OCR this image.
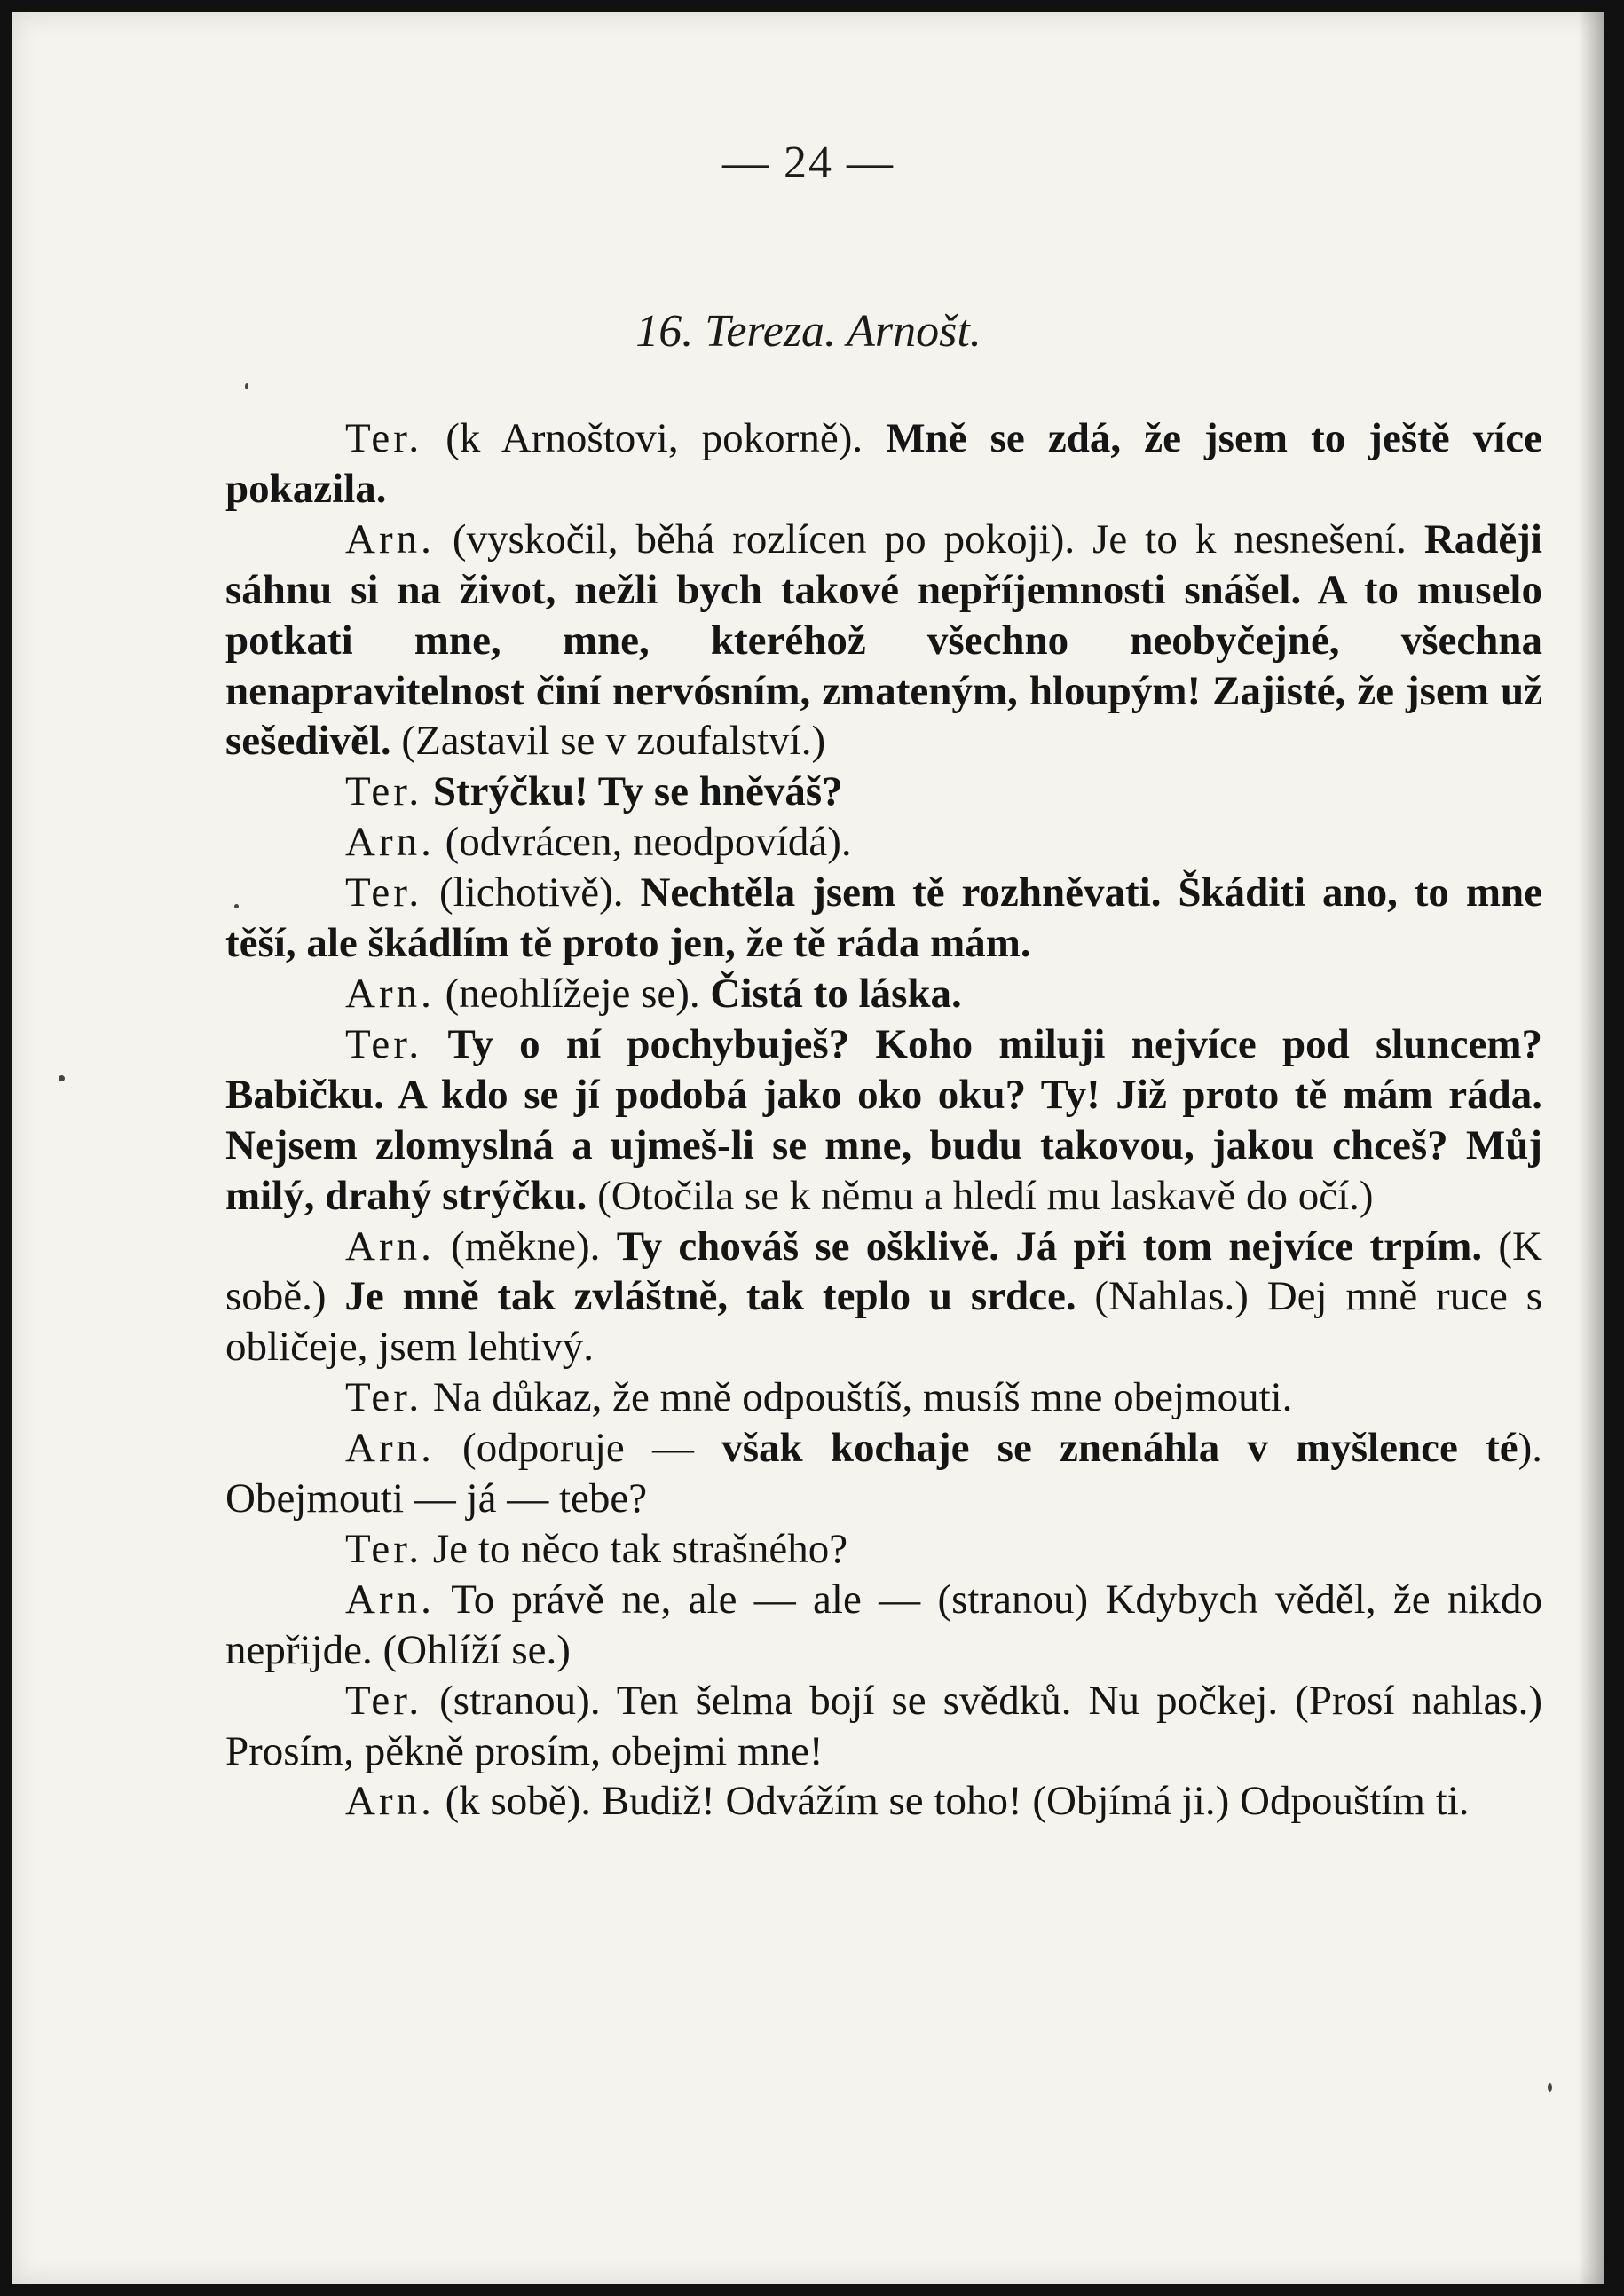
— 24 —
16. Tereza. Arnošt.

Ter. (k Arnoštovi, pokorně). Mně se zdá, že jsem to ještě více pokazila.

Arn. (vyskočil, běhá rozlícen po pokoji). Je to k nesnešení. Raději sáhnu si na život, nežli bych takové nepříjemnosti snášel. A to muselo potkati mne, mne, kteréhož všechno neobyčejné, všechna nenapravitelnost činí nervósním, zmateným, hloupým! Zajisté, že jsem už sešedivěl. (Zastavil se v zoufalství.)

Ter. Strýčku! Ty se hněváš?

Arn. (odvrácen, neodpovídá).

Ter. (lichotivě). Nechtěla jsem tě rozhněvati. Škáditi ano, to mne těší, ale škádlím tě proto jen, že tě ráda mám.

Arn. (neohlížeje se). Čistá to láska.

Ter. Ty o ní pochybuješ? Koho miluji nejvíce pod sluncem? Babičku. A kdo se jí podobá jako oko oku? Ty! Již proto tě mám ráda. Nejsem zlomyslná a ujmeš-li se mne, budu takovou, jakou chceš? Můj milý, drahý strýčku. (Otočila se k němu a hledí mu laskavě do očí.)

Arn. (měkne). Ty chováš se ošklivě. Já při tom nejvíce trpím. (K sobě.) Je mně tak zvláštně, tak teplo u srdce. (Nahlas.) Dej mně ruce s obličeje, jsem lehtivý.

Ter. Na důkaz, že mně odpouštíš, musíš mne obejmouti.

Arn. (odporuje — však kochaje se znenáhla v myšlence té). Obejmouti — já — tebe?

Ter. Je to něco tak strašného?

Arn. To právě ne, ale — ale — (stranou) Kdybych věděl, že nikdo nepřijde. (Ohlíží se.)

Ter. (stranou). Ten šelma bojí se svědků. Nu počkej. (Prosí nahlas.) Prosím, pěkně prosím, obejmi mne!

Arn. (k sobě). Budiž! Odvážím se toho! (Objímá ji.) Odpouštím ti.
